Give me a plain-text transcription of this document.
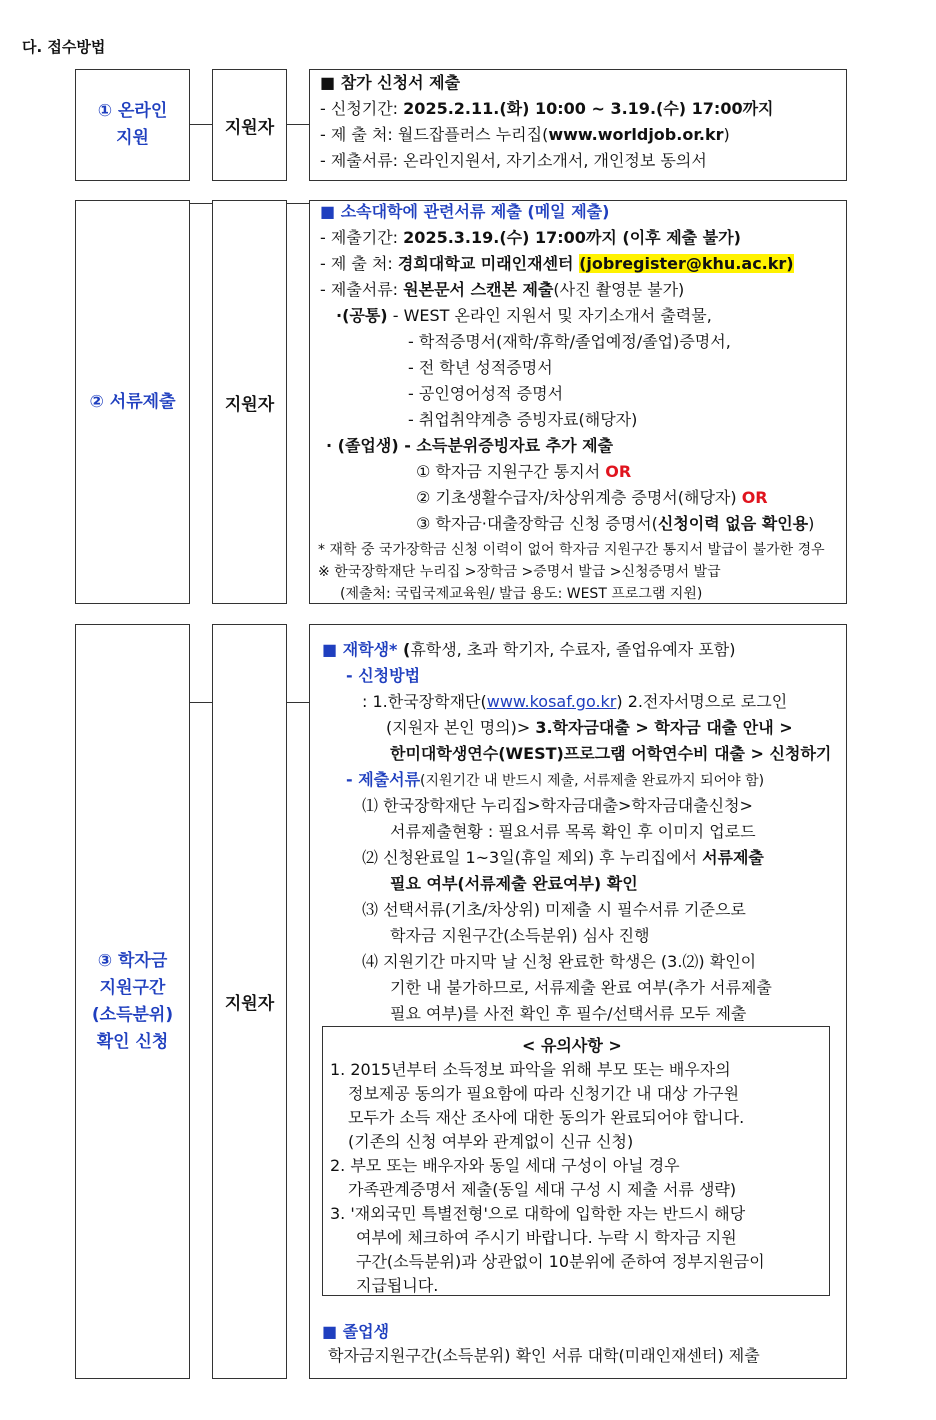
다. 접수방법
① 온라인
지원
지원자
② 서류제출	지원자
③ 학자금
지원구간
(소득분위)
확인 신청
지원자
■ 참가 신청서 제출
- 신청기간: 2025.2.11.(화) 10:00 ~ 3.19.(수) 17:00까지
- 제 출 처: 월드잡플러스 누리집(www.worldjob.or.kr)
- 제출서류: 온라인지원서, 자기소개서, 개인정보 동의서
■ 소속대학에 관련서류 제출 (메일 제출)
- 제출기간: 2025.3.19.(수) 17:00까지 (이후 제출 불가)
- 제 출 처: 경희대학교 미래인재센터 (jobregister@khu.ac.kr)
- 제출서류: 원본문서 스캔본 제출(사진 촬영분 불가)
·(공통) - WEST 온라인 지원서 및 자기소개서 출력물,
- 학적증명서(재학/휴학/졸업예정/졸업)증명서,
- 전 학년 성적증명서
- 공인영어성적 증명서
- 취업취약계층 증빙자료(해당자)
· (졸업생) - 소득분위증빙자료 추가 제출
① 학자금 지원구간 통지서 OR
② 기초생활수급자/차상위계층 증명서(해당자) OR
③ 학자금·대출장학금 신청 증명서(신청이력 없음 확인용)
* 재학 중 국가장학금 신청 이력이 없어 학자금 지원구간 통지서 발급이 불가한 경우
※ 한국장학재단 누리집 >장학금 >증명서 발급 >신청증명서 발급
(제출처: 국립국제교육원/ 발급 용도: WEST 프로그램 지원)
■ 재학생* (휴학생, 초과 학기자, 수료자, 졸업유예자 포함)
- 신청방법
: 1.한국장학재단(www.kosaf.go.kr) 2.전자서명으로 로그인
(지원자 본인 명의)> 3.학자금대출 > 학자금 대출 안내 >
한미대학생연수(WEST)프로그램 어학연수비 대출 > 신청하기
- 제출서류(지원기간 내 반드시 제출, 서류제출 완료까지 되어야 함)
⑴ 한국장학재단 누리집>학자금대출>학자금대출신청>
서류제출현황 : 필요서류 목록 확인 후 이미지 업로드
⑵ 신청완료일 1~3일(휴일 제외) 후 누리집에서 서류제출
필요 여부(서류제출 완료여부) 확인
⑶ 선택서류(기초/차상위) 미제출 시 필수서류 기준으로
학자금 지원구간(소득분위) 심사 진행
⑷ 지원기간 마지막 날 신청 완료한 학생은 (3.⑵) 확인이
기한 내 불가하므로, 서류제출 완료 여부(추가 서류제출
필요 여부)를 사전 확인 후 필수/선택서류 모두 제출
< 유의사항 >
1. 2015년부터 소득정보 파악을 위해 부모 또는 배우자의
정보제공 동의가 필요함에 따라 신청기간 내 대상 가구원
모두가 소득 재산 조사에 대한 동의가 완료되어야 합니다.
(기존의 신청 여부와 관계없이 신규 신청)
2. 부모 또는 배우자와 동일 세대 구성이 아닐 경우
가족관계증명서 제출(동일 세대 구성 시 제출 서류 생략)
3. '재외국민 특별전형'으로 대학에 입학한 자는 반드시 해당
여부에 체크하여 주시기 바랍니다. 누락 시 학자금 지원
구간(소득분위)과 상관없이 10분위에 준하여 정부지원금이
지급됩니다.
■ 졸업생
학자금지원구간(소득분위) 확인 서류 대학(미래인재센터) 제출
